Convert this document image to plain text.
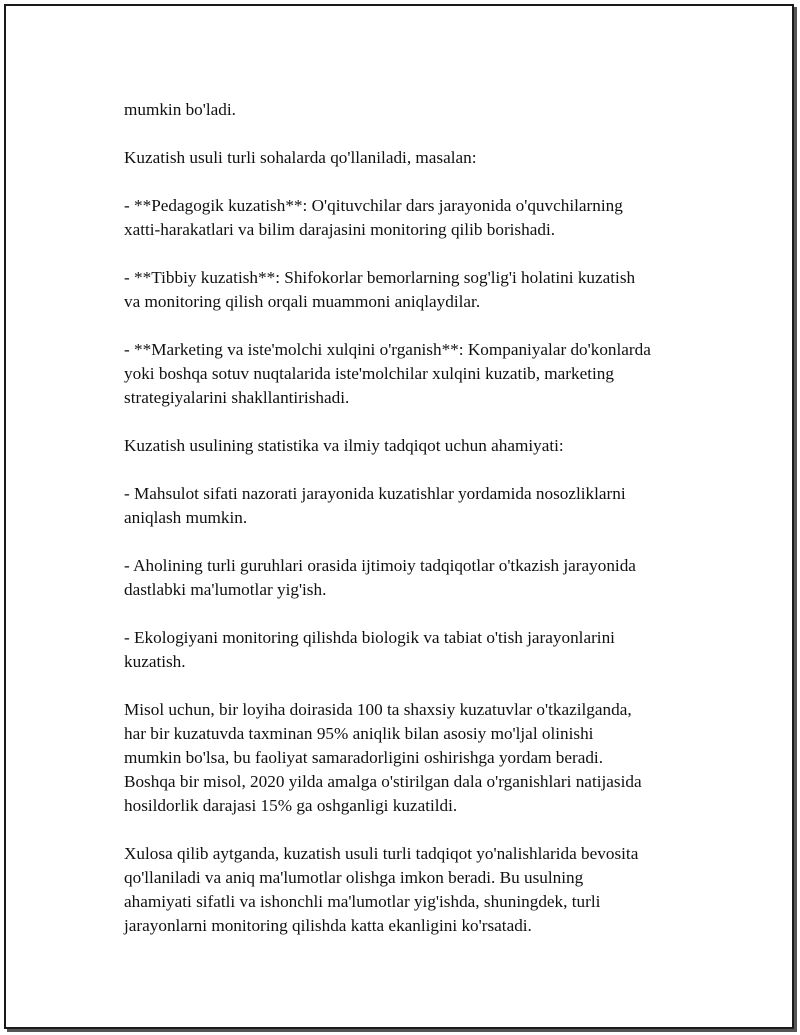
mumkin bo'ladi.

Kuzatish usuli turli sohalarda qo'llaniladi, masalan:

- **Pedagogik kuzatish**: O'qituvchilar dars jarayonida o'quvchilarning
xatti-harakatlari va bilim darajasini monitoring qilib borishadi.

- **Tibbiy kuzatish**: Shifokorlar bemorlarning sog'lig'i holatini kuzatish
va monitoring qilish orqali muammoni aniqlaydilar.

- **Marketing va iste'molchi xulqini o'rganish**: Kompaniyalar do'konlarda
yoki boshqa sotuv nuqtalarida iste'molchilar xulqini kuzatib, marketing
strategiyalarini shakllantirishadi.

Kuzatish usulining statistika va ilmiy tadqiqot uchun ahamiyati:

- Mahsulot sifati nazorati jarayonida kuzatishlar yordamida nosozliklarni
aniqlash mumkin.

- Aholining turli guruhlari orasida ijtimoiy tadqiqotlar o'tkazish jarayonida
dastlabki ma'lumotlar yig'ish.

- Ekologiyani monitoring qilishda biologik va tabiat o'tish jarayonlarini
kuzatish.

Misol uchun, bir loyiha doirasida 100 ta shaxsiy kuzatuvlar o'tkazilganda,
har bir kuzatuvda taxminan 95% aniqlik bilan asosiy mo'ljal olinishi
mumkin bo'lsa, bu faoliyat samaradorligini oshirishga yordam beradi.
Boshqa bir misol, 2020 yilda amalga o'stirilgan dala o'rganishlari natijasida
hosildorlik darajasi 15% ga oshganligi kuzatildi.

Xulosa qilib aytganda, kuzatish usuli turli tadqiqot yo'nalishlarida bevosita
qo'llaniladi va aniq ma'lumotlar olishga imkon beradi. Bu usulning
ahamiyati sifatli va ishonchli ma'lumotlar yig'ishda, shuningdek, turli
jarayonlarni monitoring qilishda katta ekanligini ko'rsatadi.
